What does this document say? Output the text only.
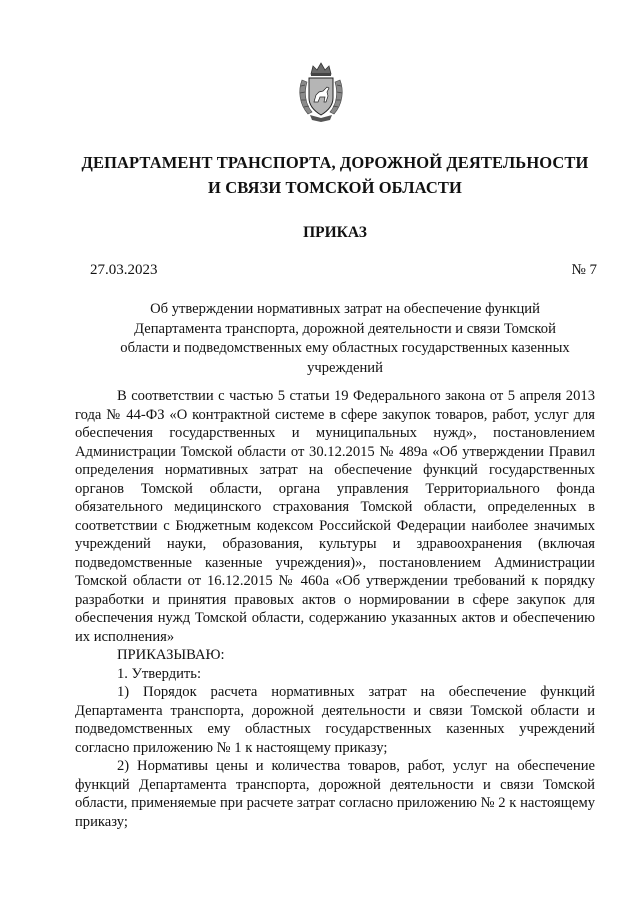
ДЕПАРТАМЕНТ ТРАНСПОРТА, ДОРОЖНОЙ ДЕЯТЕЛЬНОСТИ
И СВЯЗИ ТОМСКОЙ ОБЛАСТИ
ПРИКАЗ
27.03.2023	№ 7
Об утверждении нормативных затрат на обеспечение функций Департамента транспорта, дорожной деятельности и связи Томской области и подведомственных ему областных государственных казенных учреждений

В соответствии с частью 5 статьи 19 Федерального закона от 5 апреля 2013 года № 44-ФЗ «О контрактной системе в сфере закупок товаров, работ, услуг для обеспечения государственных и муниципальных нужд», постановлением Администрации Томской области от 30.12.2015 № 489а «Об утверждении Правил определения нормативных затрат на обеспечение функций государственных органов Томской области, органа управления Территориального фонда обязательного медицинского страхования Томской области, определенных в соответствии с Бюджетным кодексом Российской Федерации наиболее значимых учреждений науки, образования, культуры и здравоохранения (включая подведомственные казенные учреждения)», постановлением Администрации Томской области от 16.12.2015 № 460а «Об утверждении требований к порядку разработки и принятия правовых актов о нормировании в сфере закупок для обеспечения нужд Томской области, содержанию указанных актов и обеспечению их исполнения»

ПРИКАЗЫВАЮ:

1. Утвердить:

1) Порядок расчета нормативных затрат на обеспечение функций Департамента транспорта, дорожной деятельности и связи Томской области и подведомственных ему областных государственных казенных учреждений согласно приложению № 1 к настоящему приказу;

2) Нормативы цены и количества товаров, работ, услуг на обеспечение функций Департамента транспорта, дорожной деятельности и связи Томской области, применяемые при расчете затрат согласно приложению № 2 к настоящему приказу;
